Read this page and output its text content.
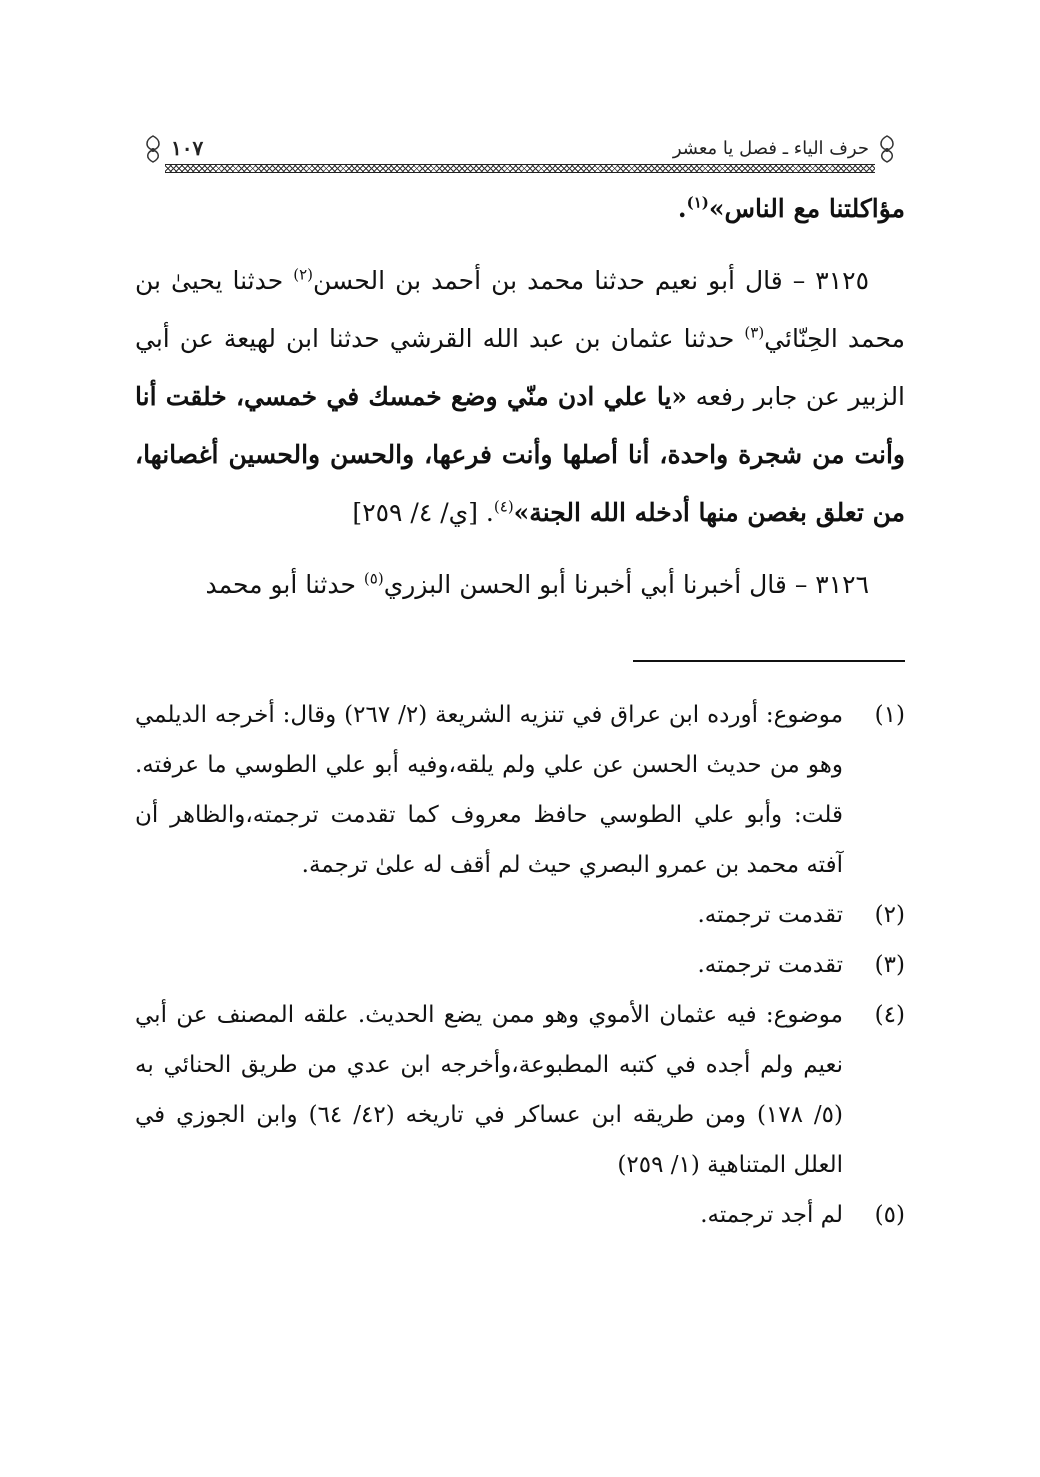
حرف الياء ـ فصل يا معشر
١٠٧

مؤاكلتنا مع الناس»$^{(١)}$.

٣١٢٥ – قال أبو نعيم حدثنا محمد بن أحمد بن الحسن$^{(٢)}$ حدثنا يحيىٰ بن محمد الحِنّائي$^{(٣)}$ حدثنا عثمان بن عبد الله القرشي حدثنا ابن لهيعة عن أبي الزبير عن جابر رفعه «يا علي ادن منّي وضع خمسك في خمسي، خلقت أنا وأنت من شجرة واحدة، أنا أصلها وأنت فرعها، والحسن والحسين أغصانها، من تعلق بغصن منها أدخله الله الجنة»$^{(٤)}$. [ي/ ٤/ ٢٥٩]

٣١٢٦ – قال أخبرنا أبي أخبرنا أبو الحسن البزري$^{(٥)}$ حدثنا أبو محمد

(١)
موضوع: أورده ابن عراق في تنزيه الشريعة (٢/ ٢٦٧) وقال: أخرجه الديلمي وهو من حديث الحسن عن علي ولم يلقه،وفيه أبو علي الطوسي ما عرفته. قلت: وأبو علي الطوسي حافظ معروف كما تقدمت ترجمته،والظاهر أن آفته محمد بن عمرو البصري حيث لم أقف له علىٰ ترجمة.
(٢)
تقدمت ترجمته.
(٣)
تقدمت ترجمته.
(٤)
موضوع: فيه عثمان الأموي وهو ممن يضع الحديث. علقه المصنف عن أبي نعيم ولم أجده في كتبه المطبوعة،وأخرجه ابن عدي من طريق الحنائي به (٥/ ١٧٨) ومن طريقه ابن عساكر في تاريخه (٤٢/ ٦٤) وابن الجوزي في العلل المتناهية (١/ ٢٥٩)
(٥)
لم أجد ترجمته.
